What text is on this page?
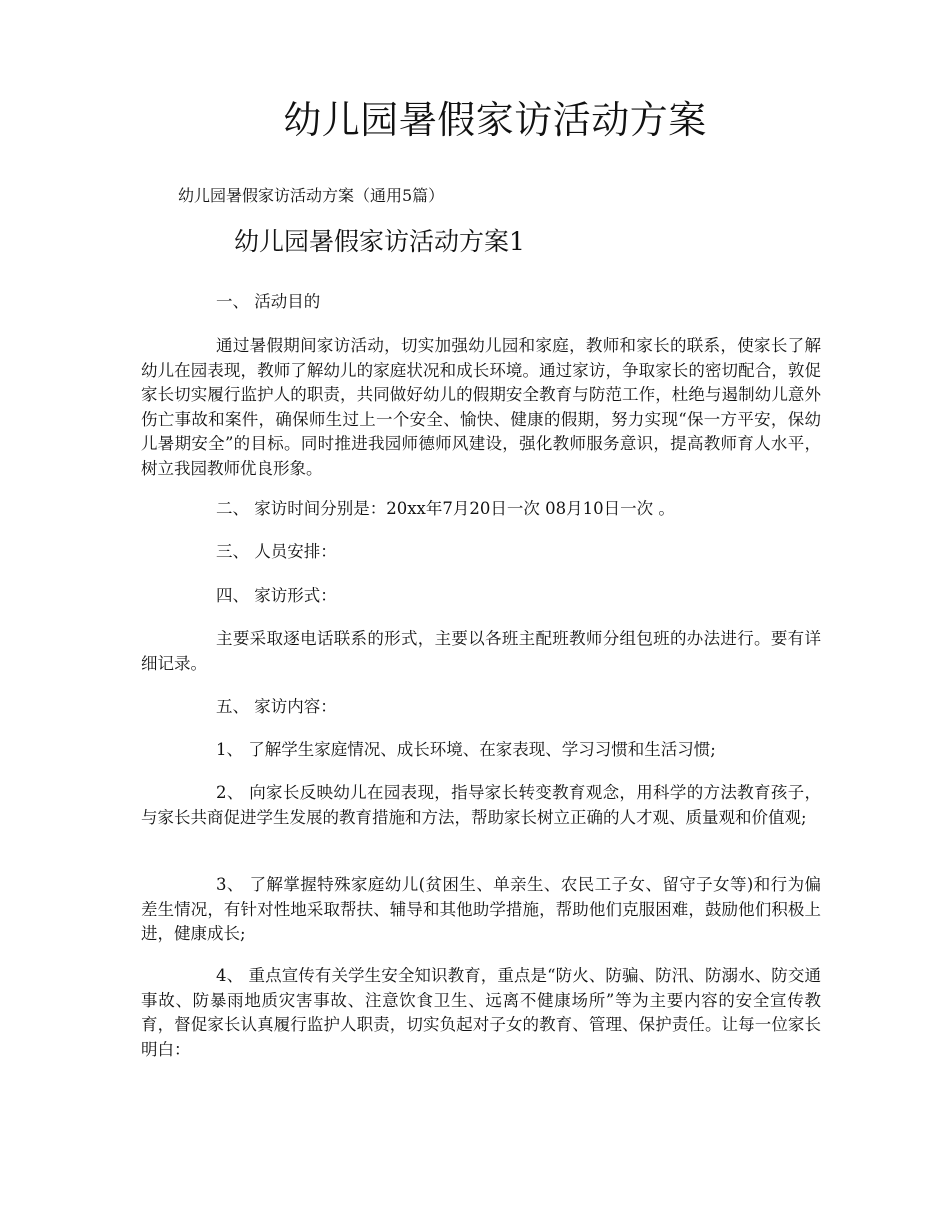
幼儿园暑假家访活动方案

幼儿园暑假家访活动方案（通用5篇）

幼儿园暑假家访活动方案1

一、 活动目的

通过暑假期间家访活动，切实加强幼儿园和家庭，教师和家长的联系，使家长了解幼儿在园表现，教师了解幼儿的家庭状况和成长环境。通过家访，争取家长的密切配合，敦促家长切实履行监护人的职责，共同做好幼儿的假期安全教育与防范工作，杜绝与遏制幼儿意外伤亡事故和案件，确保师生过上一个安全、愉快、健康的假期，努力实现“保一方平安，保幼儿暑期安全”的目标。同时推进我园师德师风建设，强化教师服务意识，提高教师育人水平，树立我园教师优良形象。

二、 家访时间分别是：20xx年7月20日一次 08月10日一次 。

三、 人员安排：

四、 家访形式：

主要采取逐电话联系的形式，主要以各班主配班教师分组包班的办法进行。要有详细记录。

五、 家访内容：

1、 了解学生家庭情况、成长环境、在家表现、学习习惯和生活习惯;

2、 向家长反映幼儿在园表现，指导家长转变教育观念，用科学的方法教育孩子，与家长共商促进学生发展的教育措施和方法，帮助家长树立正确的人才观、质量观和价值观;

3、 了解掌握特殊家庭幼儿(贫困生、单亲生、农民工子女、留守子女等)和行为偏差生情况，有针对性地采取帮扶、辅导和其他助学措施，帮助他们克服困难，鼓励他们积极上进，健康成长;

4、 重点宣传有关学生安全知识教育，重点是“防火、防骗、防汛、防溺水、防交通事故、防暴雨地质灾害事故、注意饮食卫生、远离不健康场所”等为主要内容的安全宣传教育，督促家长认真履行监护人职责，切实负起对子女的教育、管理、保护责任。让每一位家长明白：
